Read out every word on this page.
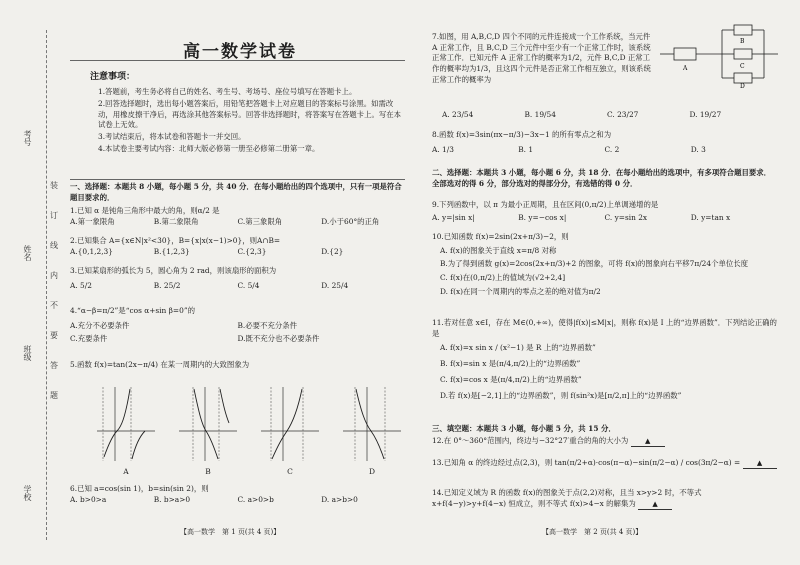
考号
姓名
班级
学校
装
订
线
内
不
要
答
题
高一数学试卷
注意事项：

1.答题前，考生务必将自己的姓名、考生号、考场号、座位号填写在答题卡上。

2.回答选择题时，选出每小题答案后，用铅笔把答题卡上对应题目的答案标号涂黑。如需改动，用橡皮擦干净后，再选涂其他答案标号。回答非选择题时，将答案写在答题卡上。写在本试卷上无效。

3.考试结束后，将本试卷和答题卡一并交回。

4.本试卷主要考试内容：北师大版必修第一册至必修第二册第一章。

一、选择题：本题共 8 小题，每小题 5 分，共 40 分．在每小题给出的四个选项中，只有一项是符合题目要求的．
1.已知 α 是钝角三角形中最大的角，则α/2 是
A.第一象限角	B.第二象限角	C.第三象限角	D.小于60°的正角
2.已知集合 A={x∈N|x²<30}，B={x|x(x−1)>0}，则A∩B=
A.{0,1,2,3}	B.{1,2,3}	C.{2,3}	D.{2}
3.已知某扇形的弧长为 5，圆心角为 2 rad，则该扇形的面积为
A. 5/2	B. 25/2	C. 5/4	D. 25/4
4.“α−β=π/2”是“cos α+sin β=0”的
A.充分不必要条件	B.必要不充分条件
C.充要条件	D.既不充分也不必要条件
5.函数 f(x)=tan(2x−π/4) 在某一周期内的大致图象为
A	B	C	D
6.已知 a=cos(sin 1)，b=sin(sin 2)，则
A. b>0>a	B. b>a>0	C. a>0>b	D. a>b>0
【高一数学　第 1 页(共 4 页)】
7.如图，用 A,B,C,D 四个不同的元件连接成一个工作系统，当元件 A 正常工作，且 B,C,D 三个元件中至少有一个正常工作时，该系统正常工作．已知元件 A 正常工作的概率为1/2，元件 B,C,D 正常工作的概率均为1/3，且这四个元件是否正常工作相互独立，则该系统正常工作的概率为
A
B
C
D
A. 23/54	B. 19/54	C. 23/27	D. 19/27
8.函数 f(x)=3sin(πx−π/3)−3x−1 的所有零点之和为
A. 1/3	B. 1	C. 2	D. 3
二、选择题：本题共 3 小题，每小题 6 分，共 18 分．在每小题给出的选项中，有多项符合题目要求．全部选对的得 6 分，部分选对的得部分分，有选错的得 0 分．
9.下列函数中，以 π 为最小正周期，且在区间(0,π/2)上单调递增的是
A. y=|sin x|	B. y=−cos x|	C. y=sin 2x	D. y=tan x
10.已知函数 f(x)=2sin(2x+π/3)−2，则
A. f(x)的图象关于直线 x=π/8 对称
B.为了得到函数 g(x)=2cos(2x+π/3)+2 的图象，可将 f(x)的图象向右平移7π/24个单位长度
C. f(x)在(0,π/2)上的值域为(√2+2,4]
D. f(x)在同一个周期内的零点之差的绝对值为π/2
11.若对任意 x∈I，存在 M∈(0,+∞)，使得|f(x)|≤M|x|，则称 f(x)是 I 上的“边界函数”．下列结论正确的是
A. f(x)=x sin x / (x²−1) 是 R 上的“边界函数”
B. f(x)=sin x 是(π/4,π/2)上的“边界函数”
C. f(x)=cos x 是(π/4,π/2)上的“边界函数”
D.若 f(x)是[−2,1]上的“边界函数”，则 f(sin²x)是[π/2,π]上的“边界函数”
三、填空题：本题共 3 小题，每小题 5 分，共 15 分．
12.在 0°～360°范围内，终边与−32°27′重合的角的大小为 ▲
13.已知角 α 的终边经过点(2,3)，则 tan(π/2+α)·cos(π−α)−sin(π/2−α) / cos(3π/2−α) = ▲
14.已知定义域为 R 的函数 f(x)的图象关于点(2,2)对称，且当 x>y>2 时，不等式 x+f(4−y)>y+f(4−x) 恒成立，则不等式 f(x)>4−x 的解集为 ▲
【高一数学　第 2 页(共 4 页)】
